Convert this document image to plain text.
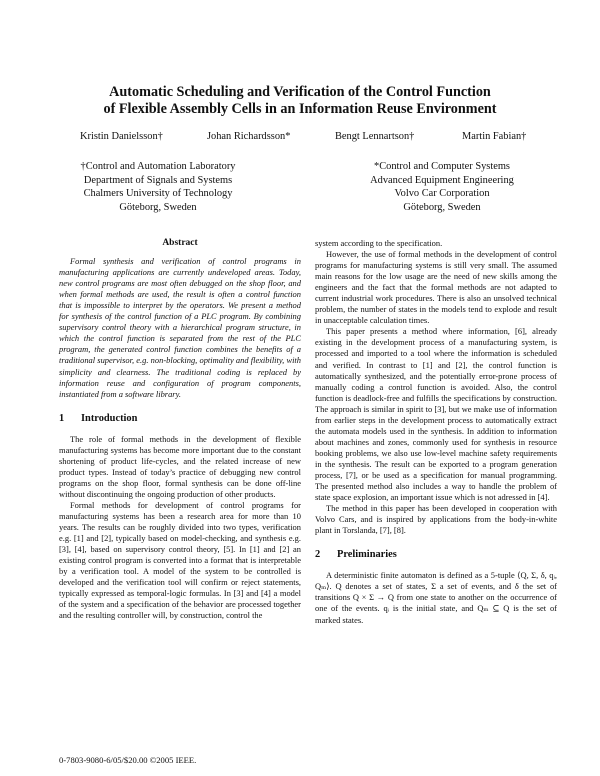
Automatic Scheduling and Verification of the Control Function
of Flexible Assembly Cells in an Information Reuse Environment
Kristin Danielsson†	Johan Richardsson*	Bengt Lennartson†	Martin Fabian†
†Control and Automation Laboratory
Department of Signals and Systems
Chalmers University of Technology
Göteborg, Sweden
*Control and Computer Systems
Advanced Equipment Engineering
Volvo Car Corporation
Göteborg, Sweden
Abstract

Formal synthesis and verification of control programs in manufacturing applications are currently undeveloped areas. Today, new control programs are most often debugged on the shop floor, and when formal methods are used, the result is often a control function that is impossible to interpret by the operators. We present a method for synthesis of the control function of a PLC program. By combining supervisory control theory with a hierarchical program structure, in which the control function is separated from the rest of the PLC program, the generated control function combines the benefits of a traditional supervisor, e.g. non-blocking, optimality and flexibility, with simplicity and clearness. The traditional coding is replaced by information reuse and configuration of program components, instantiated from a software library.

1 Introduction

The role of formal methods in the development of flexible manufacturing systems has become more important due to the constant shortening of product life-cycles, and the related increase of new product types. Instead of today’s practice of debugging new control programs on the shop floor, formal synthesis can be done off-line without discontinuing the ongoing production of other products.

Formal methods for development of control programs for manufacturing systems has been a research area for more than 10 years. The results can be roughly divided into two types, verification e.g. [1] and [2], typically based on model-checking, and synthesis e.g. [3], [4], based on supervisory control theory, [5]. In [1] and [2] an existing control program is converted into a format that is interpretable by a verification tool. A model of the system to be controlled is developed and the verification tool will confirm or reject statements, typically expressed as temporal-logic formulas. In [3] and [4] a model of the system and a specification of the behavior are processed together and the resulting controller will, by construction, control the

system according to the specification.

However, the use of formal methods in the development of control programs for manufacturing systems is still very small. The assumed main reasons for the low usage are the need of new skills among the engineers and the fact that the formal methods are not adapted to current industrial work procedures. There is also an unsolved technical problem, the number of states in the models tend to explode and result in unacceptable calculation times.

This paper presents a method where information, [6], already existing in the development process of a manufacturing system, is processed and imported to a tool where the information is scheduled and verified. In contrast to [1] and [2], the control function is automatically synthesized, and the potentially error-prone process of manually coding a control function is avoided. Also, the control function is deadlock-free and fulfills the specifications by construction. The approach is similar in spirit to [3], but we make use of information from earlier steps in the development process to automatically extract the automata models used in the synthesis. In addition to information about machines and zones, commonly used for synthesis in resource booking problems, we also use low-level machine safety requirements in the synthesis. The result can be exported to a program generation process, [7], or be used as a specification for manual programming. The presented method also includes a way to handle the problem of state space explosion, an important issue which is not adressed in [4].

The method in this paper has been developed in cooperation with Volvo Cars, and is inspired by applications from the body-in-white plant in Torslanda, [7], [8].

2 Preliminaries

A deterministic finite automaton is defined as a 5-tuple ⟨Q, Σ, δ, qᵢ, Qₘ⟩. Q denotes a set of states, Σ a set of events, and δ the set of transitions Q × Σ → Q from one state to another on the occurrence of one of the events. qᵢ is the initial state, and Qₘ ⊆ Q is the set of marked states.

0-7803-9080-6/05/$20.00 ©2005 IEEE.
